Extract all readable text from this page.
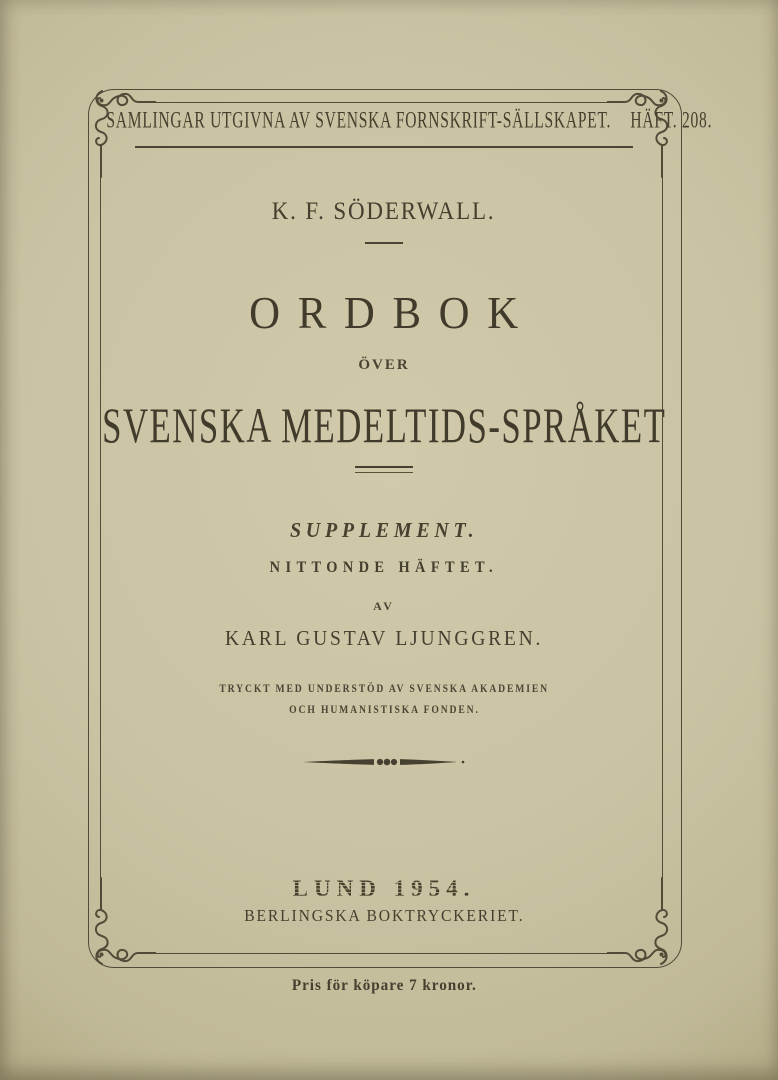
SAMLINGAR UTGIVNA AV SVENSKA FORNSKRIFT-SÄLLSKAPET. HÄFT. 208.
K. F. SÖDERWALL.
ORDBOK
ÖVER
SVENSKA MEDELTIDS-SPRÅKET
SUPPLEMENT.
NITTONDE HÄFTET.
AV
KARL GUSTAV LJUNGGREN.
TRYCKT MED UNDERSTÖD AV SVENSKA AKADEMIEN
OCH HUMANISTISKA FONDEN.
LUND 1954.
BERLINGSKA BOKTRYCKERIET.
Pris för köpare 7 kronor.
